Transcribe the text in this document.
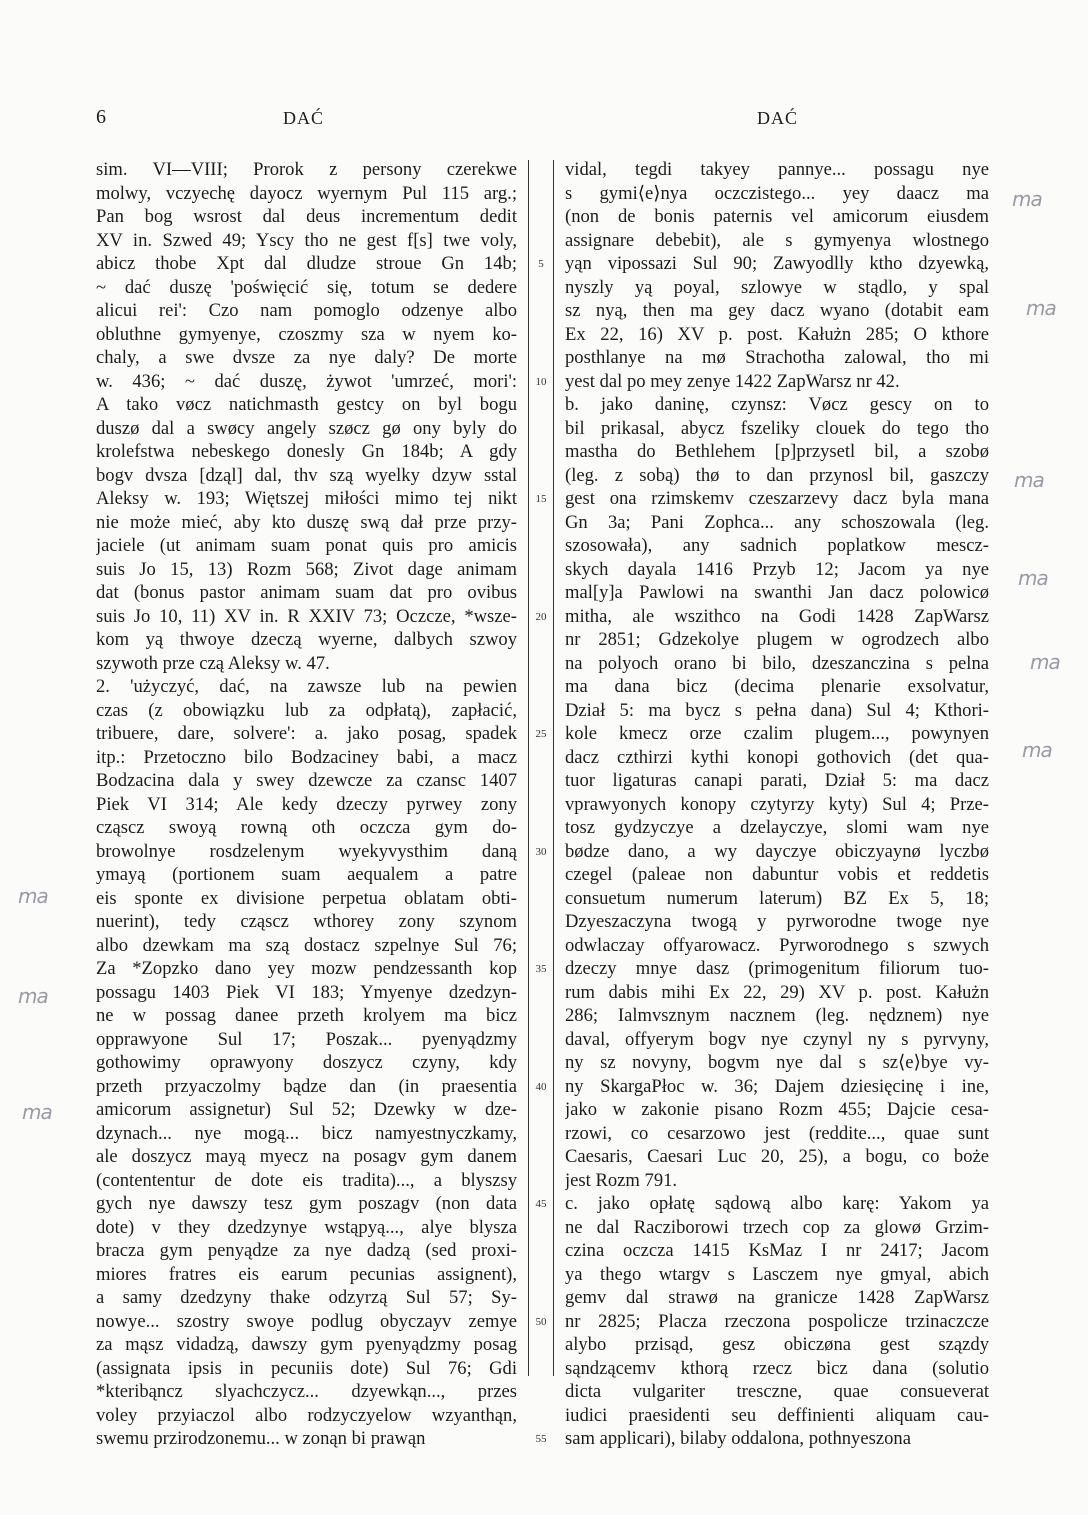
6	DAĆ	DAĆ
sim. VI—VIII; Prorok z persony czerekwe
molwy, vczyechę dayocz wyernym Pul 115 arg.;
Pan bog wsrost dal deus incrementum dedit
XV in. Szwed 49; Yscy tho ne gest f[s] twe voly,
abicz thobe Xpt dal dludze stroue Gn 14b;
~ dać duszę 'poświęcić się, totum se dedere
alicui rei': Czo nam pomoglo odzenye albo
obluthne gymyenye, czoszmy sza w nyem ko-
chaly, a swe dvsze za nye daly? De morte
w. 436; ~ dać duszę, żywot 'umrzeć, mori':
A tako vøcz natichmasth gestcy on byl bogu
duszø dal a swøcy angely szøcz gø ony byly do
krolefstwa nebeskego donesly Gn 184b; A gdy
bogv dvsza [dząl] dal, thv szą wyelky dzyw sstal
Aleksy w. 193; Więtszej miłości mimo tej nikt
nie może mieć, aby kto duszę swą dał prze przy-
jaciele (ut animam suam ponat quis pro amicis
suis Jo 15, 13) Rozm 568; Zivot dage animam
dat (bonus pastor animam suam dat pro ovibus
suis Jo 10, 11) XV in. R XXIV 73; Oczcze, *wsze-
kom yą thwoye dzeczą wyerne, dalbych szwoy
szywoth prze czą Aleksy w. 47.
2. 'użyczyć, dać, na zawsze lub na pewien
czas (z obowiązku lub za odpłatą), zapłacić,
tribuere, dare, solvere': a. jako posag, spadek
itp.: Przetoczno bilo Bodzaciney babi, a macz
Bodzacina dala y swey dzewcze za czansc 1407
Piek VI 314; Ale kedy dzeczy pyrwey zony
cząscz swoyą rowną oth oczcza gym do-
browolnye rosdzelenym wyekyvysthim daną
ymayą (portionem suam aequalem a patre
eis sponte ex divisione perpetua oblatam obti-
nuerint), tedy cząscz wthorey zony szynom
albo dzewkam ma szą dostacz szpelnye Sul 76;
Za *Zopzko dano yey mozw pendzessanth kop
possagu 1403 Piek VI 183; Ymyenye dzedzyn-
ne w possag danee przeth krolyem ma bicz
opprawyone Sul 17; Poszak... pyenyądzmy
gothowimy oprawyony doszycz czyny, kdy
przeth przyaczolmy bądze dan (in praesentia
amicorum assignetur) Sul 52; Dzewky w dze-
dzynach... nye mogą... bicz namyestnyczkamy,
ale doszycz mayą myecz na posagv gym danem
(contententur de dote eis tradita)..., a blyszsy
gych nye dawszy tesz gym poszagv (non data
dote) v they dzedzynye wstąpyą..., alye blysza
bracza gym penyądze za nye dadzą (sed proxi-
miores fratres eis earum pecunias assignent),
a samy dzedzyny thake odzyrzą Sul 57; Sy-
nowye... szostry swoye podlug obyczayv zemye
za mąsz vidadzą, dawszy gym pyenyądzmy posag
(assignata ipsis in pecuniis dote) Sul 76; Gdi
*kteribąncz slyachczycz... dzyewkąn..., przes
voley przyiaczol albo rodzyczyelow wzyanthąn,
swemu przirodzonemu... w zonąn bi prawąn
5
10
15
20
25
30
35
40
45
50
55
vidal, tegdi takyey pannye... possagu nye
s gymi⟨e⟩nya oczczistego... yey daacz ma
(non de bonis paternis vel amicorum eiusdem
assignare debebit), ale s gymyenya wlostnego
yąn vipossazi Sul 90; Zawyodlly ktho dzyewką,
nyszly yą poyal, szlowye w stądlo, y spal
sz nyą, then ma gey dacz wyano (dotabit eam
Ex 22, 16) XV p. post. Kałużn 285; O kthore
posthlanye na mø Strachotha zalowal, tho mi
yest dal po mey zenye 1422 ZapWarsz nr 42.
b. jako daninę, czynsz: Vøcz gescy on to
bil prikasal, abycz fszeliky clouek do tego tho
mastha do Bethlehem [p]przysetl bil, a szobø
(leg. z sobą) thø to dan przynosl bil, gaszczy
gest ona rzimskemv czeszarzevy dacz byla mana
Gn 3a; Pani Zophca... any schoszowala (leg.
szosowała), any sadnich poplatkow mescz-
skych dayala 1416 Przyb 12; Jacom ya nye
mal[y]a Pawlowi na swanthi Jan dacz polowicø
mitha, ale wszithco na Godi 1428 ZapWarsz
nr 2851; Gdzekolye plugem w ogrodzech albo
na polyoch orano bi bilo, dzeszanczina s pelna
ma dana bicz (decima plenarie exsolvatur,
Dział 5: ma bycz s pełna dana) Sul 4; Kthori-
kole kmecz orze czalim plugem..., powynyen
dacz czthirzi kythi konopi gothovich (det qua-
tuor ligaturas canapi parati, Dział 5: ma dacz
vprawyonych konopy czytyrzy kyty) Sul 4; Prze-
tosz gydzyczye a dzelayczye, slomi wam nye
bødze dano, a wy dayczye obiczyaynø lyczbø
czegel (paleae non dabuntur vobis et reddetis
consuetum numerum laterum) BZ Ex 5, 18;
Dzyeszaczyna twogą y pyrworodne twoge nye
odwlaczay offyarowacz. Pyrworodnego s szwych
dzeczy mnye dasz (primogenitum filiorum tuo-
rum dabis mihi Ex 22, 29) XV p. post. Kałużn
286; Ialmvsznym nacznem (leg. nędznem) nye
daval, offyerym bogv nye czynyl ny s pyrvyny,
ny sz novyny, bogvm nye dal s sz⟨e⟩bye vy-
ny SkargaPłoc w. 36; Dajem dziesięcinę i ine,
jako w zakonie pisano Rozm 455; Dajcie cesa-
rzowi, co cesarzowo jest (reddite..., quae sunt
Caesaris, Caesari Luc 20, 25), a bogu, co boże
jest Rozm 791.
c. jako opłatę sądową albo karę: Yakom ya
ne dal Racziborowi trzech cop za glowø Grzim-
czina oczcza 1415 KsMaz I nr 2417; Jacom
ya thego wtargv s Lasczem nye gmyal, abich
gemv dal strawø na granicze 1428 ZapWarsz
nr 2825; Placza rzeczona pospolicze trzinaczcze
alybo przisąd, gesz obiczøna gest szązdy
sąndzącemv kthorą rzecz bicz dana (solutio
dicta vulgariter tresczne, quae consueverat
iudici praesidenti seu deffinienti aliquam cau-
sam applicari), bilaby oddalona, pothnyeszona
ma
ma
ma
ma
ma
ma
ma
ma
ma
